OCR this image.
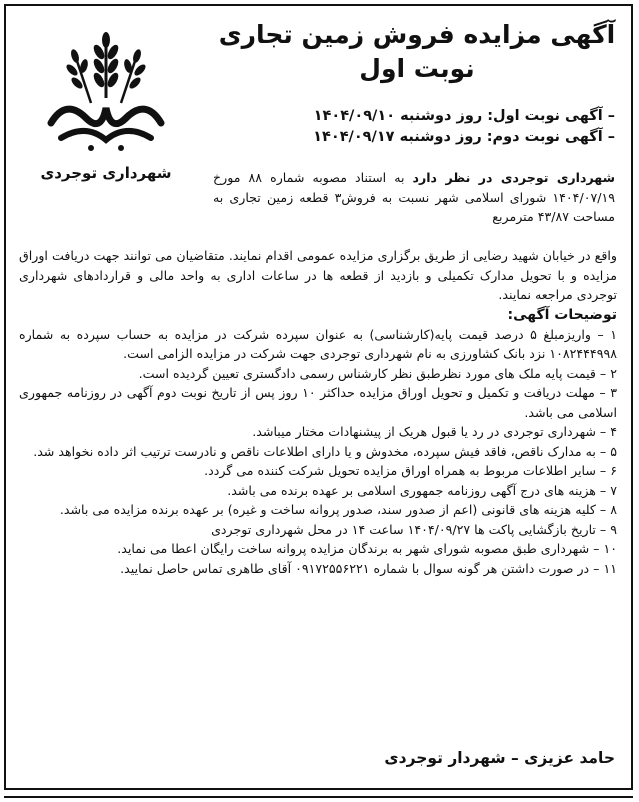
آگهی مزایده فروش زمین تجاری

نوبت اول

– آگهی نوبت اول: روز دوشنبه ۱۴۰۴/۰۹/۱۰
– آگهی نوبت دوم: روز دوشنبه ۱۴۰۴/۰۹/۱۷
شهرداری توجردی	شهرداری توجردی در نظر دارد به استناد مصوبه شماره ۸۸ مورخ ۱۴۰۴/۰۷/۱۹ شورای اسلامی شهر نسبت به فروش۳ قطعه زمین تجاری به مساحت ۴۳/۸۷ مترمربع

واقع در خیابان شهید رضایی از طریق برگزاری مزایده عمومی اقدام نمایند. متقاضیان می توانند جهت دریافت اوراق مزایده و با تحویل مدارک تکمیلی و بازدید از قطعه ها در ساعات اداری به واحد مالی و قراردادهای شهرداری توجردی مراجعه نمایند.

توضیحات آگهی:

۱ – واریزمبلغ ۵ درصد قیمت پایه(کارشناسی) به عنوان سپرده شرکت در مزایده به حساب سپرده به شماره ۱۰۸۲۴۴۴۹۹۸ نزد بانک کشاورزی به نام شهرداری توجردی جهت شرکت در مزایده الزامی است.

۲ – قیمت پایه ملک های مورد نظرطبق نظر کارشناس رسمی دادگستری تعیین گردیده است.

۳ – مهلت دریافت و تکمیل و تحویل اوراق مزایده حداکثر ۱۰ روز پس از تاریخ نوبت دوم آگهی در روزنامه جمهوری اسلامی می باشد.

۴ – شهرداری توجردی در رد یا قبول هریک از پیشنهادات مختار میباشد.

۵ – به مدارک ناقص، فاقد فیش سپرده، مخدوش و یا دارای اطلاعات ناقص و نادرست ترتیب اثر داده نخواهد شد.

۶ – سایر اطلاعات مربوط به همراه اوراق مزایده تحویل شرکت کننده می گردد.

۷ – هزینه های درج آگهی روزنامه جمهوری اسلامی بر عهده برنده می باشد.

۸ – کلیه هزینه های قانونی (اعم از صدور سند، صدور پروانه ساخت و غیره) بر عهده برنده مزایده می باشد.

۹ – تاریخ بازگشایی پاکت ها ۱۴۰۴/۰۹/۲۷ ساعت ۱۴ در محل شهرداری توجردی

۱۰ – شهرداری طبق مصوبه شورای شهر به برندگان مزایده پروانه ساخت رایگان اعطا می نماید.

۱۱ – در صورت داشتن هر گونه سوال با شماره ۰۹۱۷۲۵۵۶۲۲۱ آقای طاهری تماس حاصل نمایید.

حامد عزیزی – شهردار توجردی
